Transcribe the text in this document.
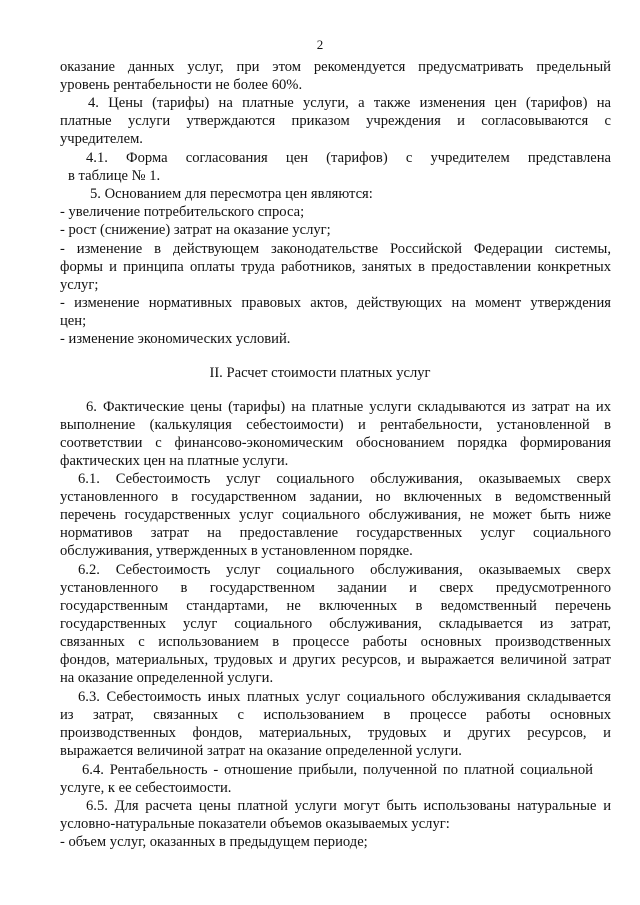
2
оказание данных услуг, при этом рекомендуется предусматривать предельный
уровень рентабельности не более 60%.
4. Цены (тарифы) на платные услуги, а также изменения цен (тарифов) на
платные услуги утверждаются приказом учреждения и согласовываются с
учредителем.
4.1. Форма согласования цен (тарифов) с учредителем представлена
в таблице № 1.
5. Основанием для пересмотра цен являются:
- увеличение потребительского спроса;
- рост (снижение) затрат на оказание услуг;
- изменение в действующем законодательстве Российской Федерации системы,
формы и принципа оплаты труда работников, занятых в предоставлении конкретных
услуг;
- изменение нормативных правовых актов, действующих на момент утверждения
цен;
- изменение экономических условий.
II. Расчет стоимости платных услуг
6. Фактические цены (тарифы) на платные услуги складываются из затрат на их
выполнение (калькуляция себестоимости) и рентабельности, установленной в
соответствии с финансово-экономическим обоснованием порядка формирования
фактических цен на платные услуги.
6.1. Себестоимость услуг социального обслуживания, оказываемых сверх
установленного в государственном задании, но включенных в ведомственный
перечень государственных услуг социального обслуживания, не может быть ниже
нормативов затрат на предоставление государственных услуг социального
обслуживания, утвержденных в установленном порядке.
6.2. Себестоимость услуг социального обслуживания, оказываемых сверх
установленного в государственном задании и сверх предусмотренного
государственным стандартами, не включенных в ведомственный перечень
государственных услуг социального обслуживания, складывается из затрат,
связанных с использованием в процессе работы основных производственных
фондов, материальных, трудовых и других ресурсов, и выражается величиной затрат
на оказание определенной услуги.
6.3. Себестоимость иных платных услуг социального обслуживания складывается
из затрат, связанных с использованием в процессе работы основных
производственных фондов, материальных, трудовых и других ресурсов, и
выражается величиной затрат на оказание определенной услуги.
6.4. Рентабельность - отношение прибыли, полученной по платной социальной
услуге, к ее себестоимости.
6.5. Для расчета цены платной услуги могут быть использованы натуральные и
условно-натуральные показатели объемов оказываемых услуг:
- объем услуг, оказанных в предыдущем периоде;
